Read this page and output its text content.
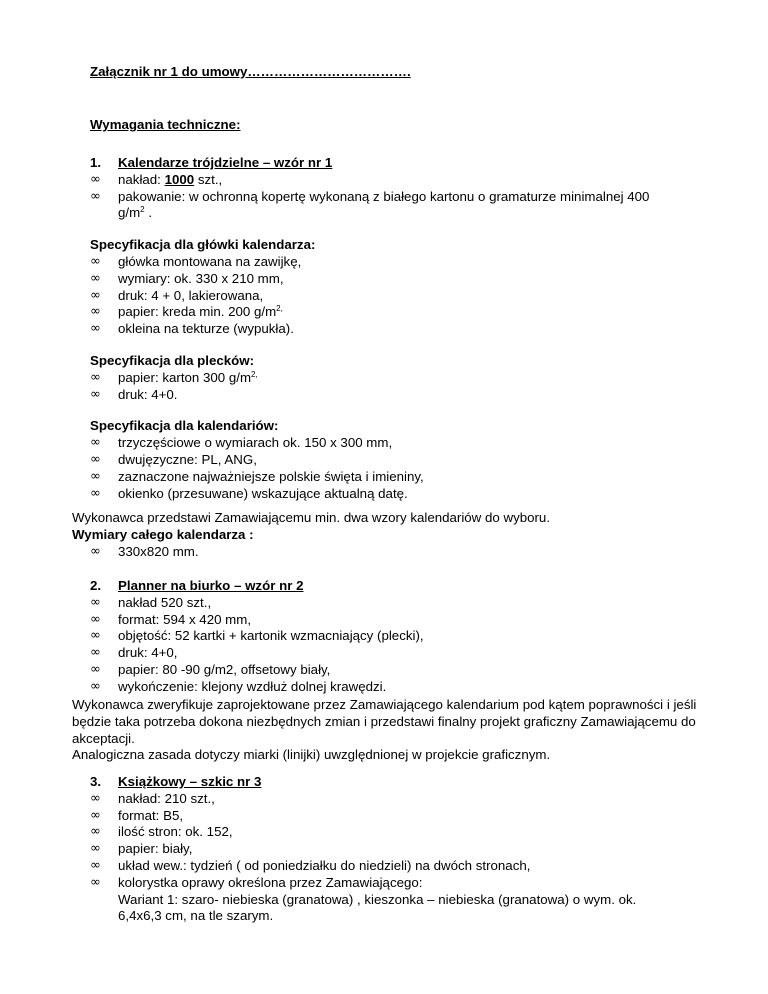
Załącznik nr 1 do umowy……………………………….
Wymagania techniczne:
1. Kalendarze trójdzielne – wzór nr 1
∞	nakład: 1000 szt.,
∞	pakowanie: w ochronną kopertę wykonaną z białego kartonu o gramaturze minimalnej 400 $g/m^2$ .

Specyfikacja dla główki kalendarza:

∞	główka montowana na zawijkę,
∞	wymiary: ok. 330 x 210 mm,
∞	druk: 4 + 0, lakierowana,
∞	papier: kreda min. 200 $g/m^{2,}$
∞	okleina na tekturze (wypukła).

Specyfikacja dla plecków:

∞	papier: karton 300 $g/m^{2,}$
∞	druk: 4+0.

Specyfikacja dla kalendariów:

∞	trzyczęściowe o wymiarach ok. 150 x 300 mm,
∞	dwujęzyczne: PL, ANG,
∞	zaznaczone najważniejsze polskie święta i imieniny,
∞	okienko (przesuwane) wskazujące aktualną datę.

Wykonawca przedstawi Zamawiającemu min. dwa wzory kalendariów do wyboru.

Wymiary całego kalendarza :

∞	330x820 mm.
2. Planner na biurko – wzór nr 2
∞	nakład 520 szt.,
∞	format: 594 x 420 mm,
∞	objętość: 52 kartki + kartonik wzmacniający (plecki),
∞	druk: 4+0,
∞	papier: 80 -90 g/m2, offsetowy biały,
∞	wykończenie: klejony wzdłuż dolnej krawędzi.

Wykonawca zweryfikuje zaprojektowane przez Zamawiającego kalendarium pod kątem poprawności i jeśli będzie taka potrzeba dokona niezbędnych zmian i przedstawi finalny projekt graficzny Zamawiającemu do akceptacji.

Analogiczna zasada dotyczy miarki (linijki) uwzględnionej w projekcie graficznym.

3. Książkowy – szkic nr 3
∞	nakład: 210 szt.,
∞	format: B5,
∞	ilość stron: ok. 152,
∞	papier: biały,
∞	układ wew.: tydzień ( od poniedziałku do niedzieli) na dwóch stronach,
∞	kolorystka oprawy określona przez Zamawiającego:

Wariant 1: szaro- niebieska (granatowa) , kieszonka – niebieska (granatowa) o wym. ok. 6,4x6,3 cm, na tle szarym.
